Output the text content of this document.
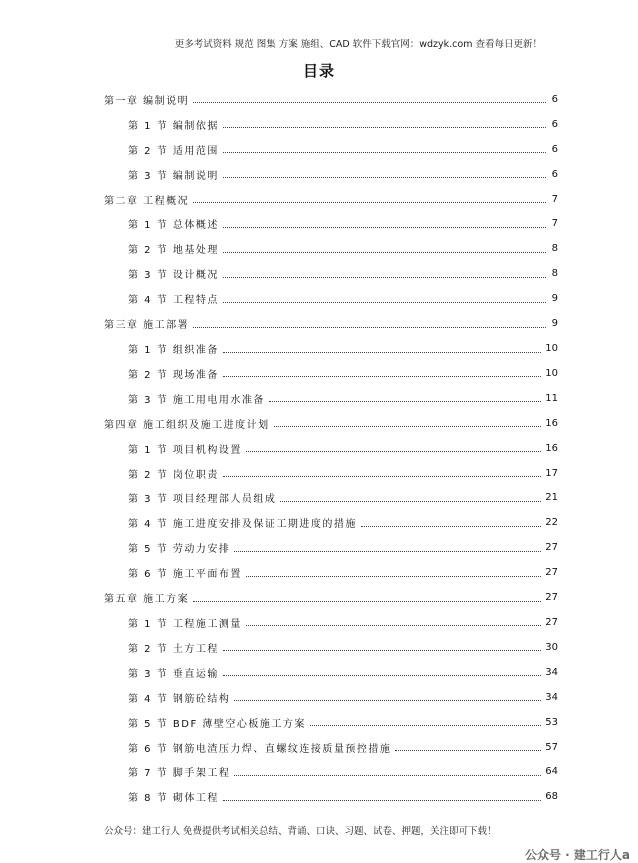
更多考试资料 规范 图集 方案 施组、CAD 软件下载官网：wdzyk.com 查看每日更新！
目录
第一章 编制说明	6
第 1 节 编制依据	6
第 2 节 适用范围	6
第 3 节 编制说明	6
第二章 工程概况	7
第 1 节 总体概述	7
第 2 节 地基处理	8
第 3 节 设计概况	8
第 4 节 工程特点	9
第三章 施工部署	9
第 1 节 组织准备	10
第 2 节 现场准备	10
第 3 节 施工用电用水准备	11
第四章 施工组织及施工进度计划	16
第 1 节 项目机构设置	16
第 2 节 岗位职责	17
第 3 节 项目经理部人员组成	21
第 4 节 施工进度安排及保证工期进度的措施	22
第 5 节 劳动力安排	27
第 6 节 施工平面布置	27
第五章 施工方案	27
第 1 节 工程施工测量	27
第 2 节 土方工程	30
第 3 节 垂直运输	34
第 4 节 钢筋砼结构	34
第 5 节 BDF 薄壁空心板施工方案	53
第 6 节 钢筋电渣压力焊、直螺纹连接质量预控措施	57
第 7 节 脚手架工程	64
第 8 节 砌体工程	68
公众号：建工行人 免费提供考试相关总结、背诵、口诀、习题、试卷、押题，关注即可下载！
公众号 · 建工行人a
